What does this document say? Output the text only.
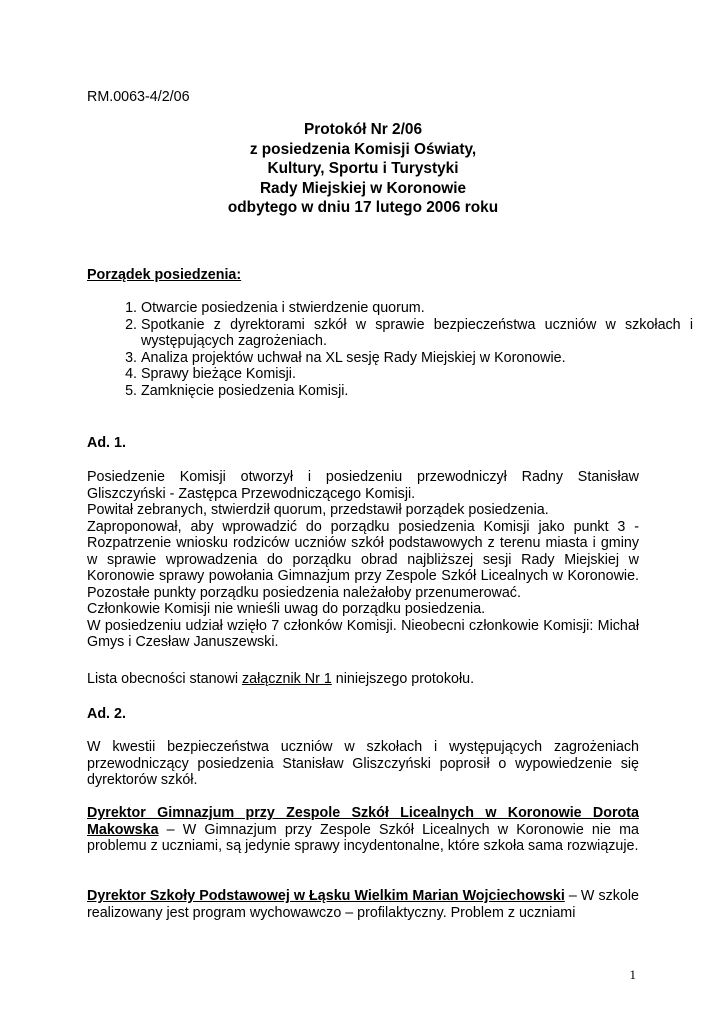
RM.0063-4/2/06
Protokół Nr 2/06
z posiedzenia Komisji Oświaty,
Kultury, Sportu i Turystyki
Rady Miejskiej w Koronowie
odbytego w dniu 17 lutego 2006 roku
Porządek posiedzenia:
1. Otwarcie posiedzenia i stwierdzenie quorum.
2. Spotkanie z dyrektorami szkół w sprawie bezpieczeństwa uczniów w szkołach i występujących zagrożeniach.
3. Analiza projektów uchwał na XL sesję Rady Miejskiej w Koronowie.
4. Sprawy bieżące Komisji.
5. Zamknięcie posiedzenia Komisji.
Ad. 1.

Posiedzenie Komisji otworzył i posiedzeniu przewodniczył Radny Stanisław Gliszczyński - Zastępca Przewodniczącego Komisji.

Powitał zebranych, stwierdził quorum, przedstawił porządek posiedzenia.

Zaproponował, aby wprowadzić do porządku posiedzenia Komisji jako punkt 3 - Rozpatrzenie wniosku rodziców uczniów szkół podstawowych z terenu miasta i gminy w sprawie wprowadzenia do porządku obrad najbliższej sesji Rady Miejskiej w Koronowie sprawy powołania Gimnazjum przy Zespole Szkół Licealnych w Koronowie. Pozostałe punkty porządku posiedzenia należałoby przenumerować.

Członkowie Komisji nie wnieśli uwag do porządku posiedzenia.

W posiedzeniu udział wzięło 7 członków Komisji. Nieobecni członkowie Komisji: Michał Gmys i Czesław Januszewski.

Lista obecności stanowi załącznik Nr 1 niniejszego protokołu.
Ad. 2.
W kwestii bezpieczeństwa uczniów w szkołach i występujących zagrożeniach przewodniczący posiedzenia Stanisław Gliszczyński poprosił o wypowiedzenie się dyrektorów szkół.
Dyrektor Gimnazjum przy Zespole Szkół Licealnych w Koronowie Dorota Makowska – W Gimnazjum przy Zespole Szkół Licealnych w Koronowie nie ma problemu z uczniami, są jedynie sprawy incydentonalne, które szkoła sama rozwiązuje.
Dyrektor Szkoły Podstawowej w Łąsku Wielkim Marian Wojciechowski – W szkole realizowany jest program wychowawczo – profilaktyczny. Problem z uczniami
1
